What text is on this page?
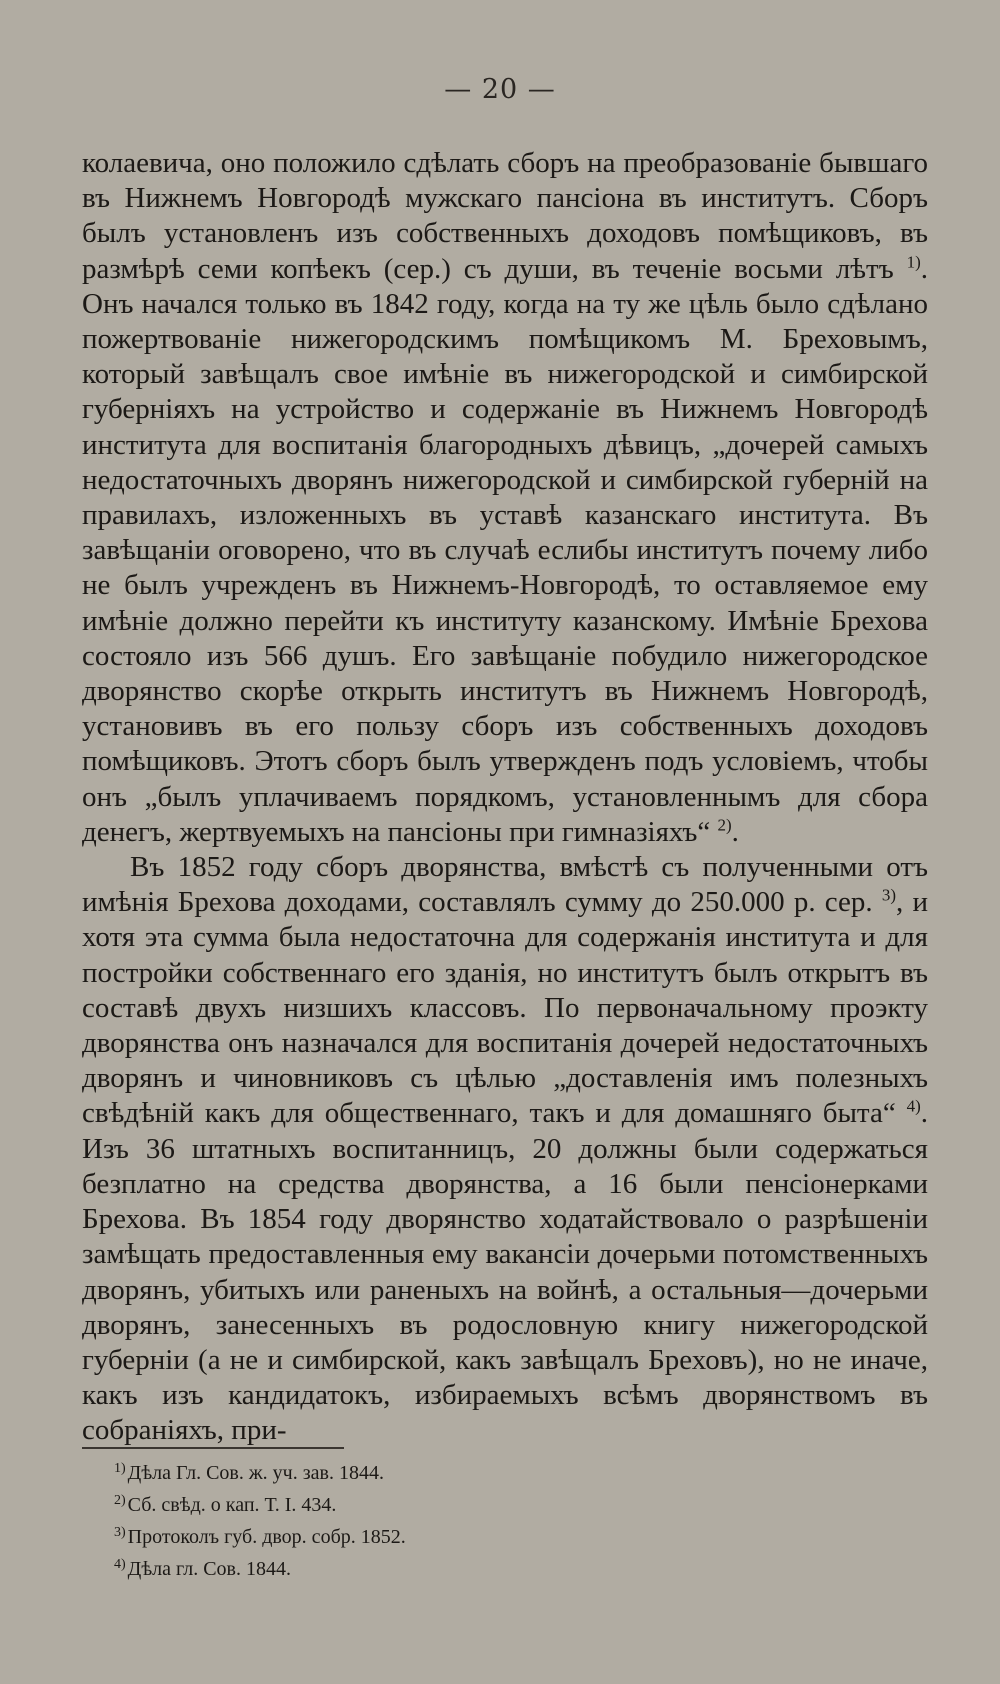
— 20 —

колаевича, оно положило сдѣлать сборъ на преобразованіе бывшаго въ Нижнемъ Новгородѣ мужскаго пансіона въ институтъ. Сборъ былъ установленъ изъ собственныхъ доходовъ помѣщиковъ, въ размѣрѣ семи копѣекъ (сер.) съ души, въ теченіе восьми лѣтъ $^{1)}$. Онъ начался только въ 1842 году, когда на ту же цѣль было сдѣлано пожертвованіе нижегородскимъ помѣщикомъ М. Бреховымъ, который завѣщалъ свое имѣніе въ нижегородской и симбирской губерніяхъ на устройство и содержаніе въ Нижнемъ Новгородѣ института для воспитанія благородныхъ дѣвицъ, „дочерей самыхъ недостаточныхъ дворянъ нижегородской и симбирской губерній на правилахъ, изложенныхъ въ уставѣ казанскаго института. Въ завѣщаніи оговорено, что въ случаѣ еслибы институтъ почему либо не былъ учрежденъ въ Нижнемъ-Новгородѣ, то оставляемое ему имѣніе должно перейти къ институту казанскому. Имѣніе Брехова состояло изъ 566 душъ. Его завѣщаніе побудило нижегородское дворянство скорѣе открыть институтъ въ Нижнемъ Новгородѣ, установивъ въ его пользу сборъ изъ собственныхъ доходовъ помѣщиковъ. Этотъ сборъ былъ утвержденъ подъ условіемъ, чтобы онъ „былъ уплачиваемъ порядкомъ, установленнымъ для сбора денегъ, жертвуемыхъ на пансіоны при гимназіяхъ“ $^{2)}$.

Въ 1852 году сборъ дворянства, вмѣстѣ съ полученными отъ имѣнія Брехова доходами, составлялъ сумму до 250.000 р. сер. $^{3)}$, и хотя эта сумма была недостаточна для содержанія института и для постройки собственнаго его зданія, но институтъ былъ открытъ въ составѣ двухъ низшихъ классовъ. По первоначальному проэкту дворянства онъ назначался для воспитанія дочерей недостаточныхъ дворянъ и чиновниковъ съ цѣлью „доставленія имъ полезныхъ свѣдѣній какъ для общественнаго, такъ и для домашняго быта“ $^{4)}$. Изъ 36 штатныхъ воспитанницъ, 20 должны были содержаться безплатно на средства дворянства, а 16 были пенсіонерками Брехова. Въ 1854 году дворянство ходатайствовало о разрѣшеніи замѣщать предоставленныя ему вакансіи дочерьми потомственныхъ дворянъ, убитыхъ или раненыхъ на войнѣ, а остальныя—дочерьми дворянъ, занесенныхъ въ родословную книгу нижегородской губерніи (а не и симбирской, какъ завѣщалъ Бреховъ), но не иначе, какъ изъ кандидатокъ, избираемыхъ всѣмъ дворянствомъ въ собраніяхъ, при-

$^{1)}$ Дѣла Гл. Сов. ж. уч. зав. 1844.
$^{2)}$ Сб. свѣд. о кап. Т. I. 434.
$^{3)}$ Протоколъ губ. двор. собр. 1852.
$^{4)}$ Дѣла гл. Сов. 1844.
